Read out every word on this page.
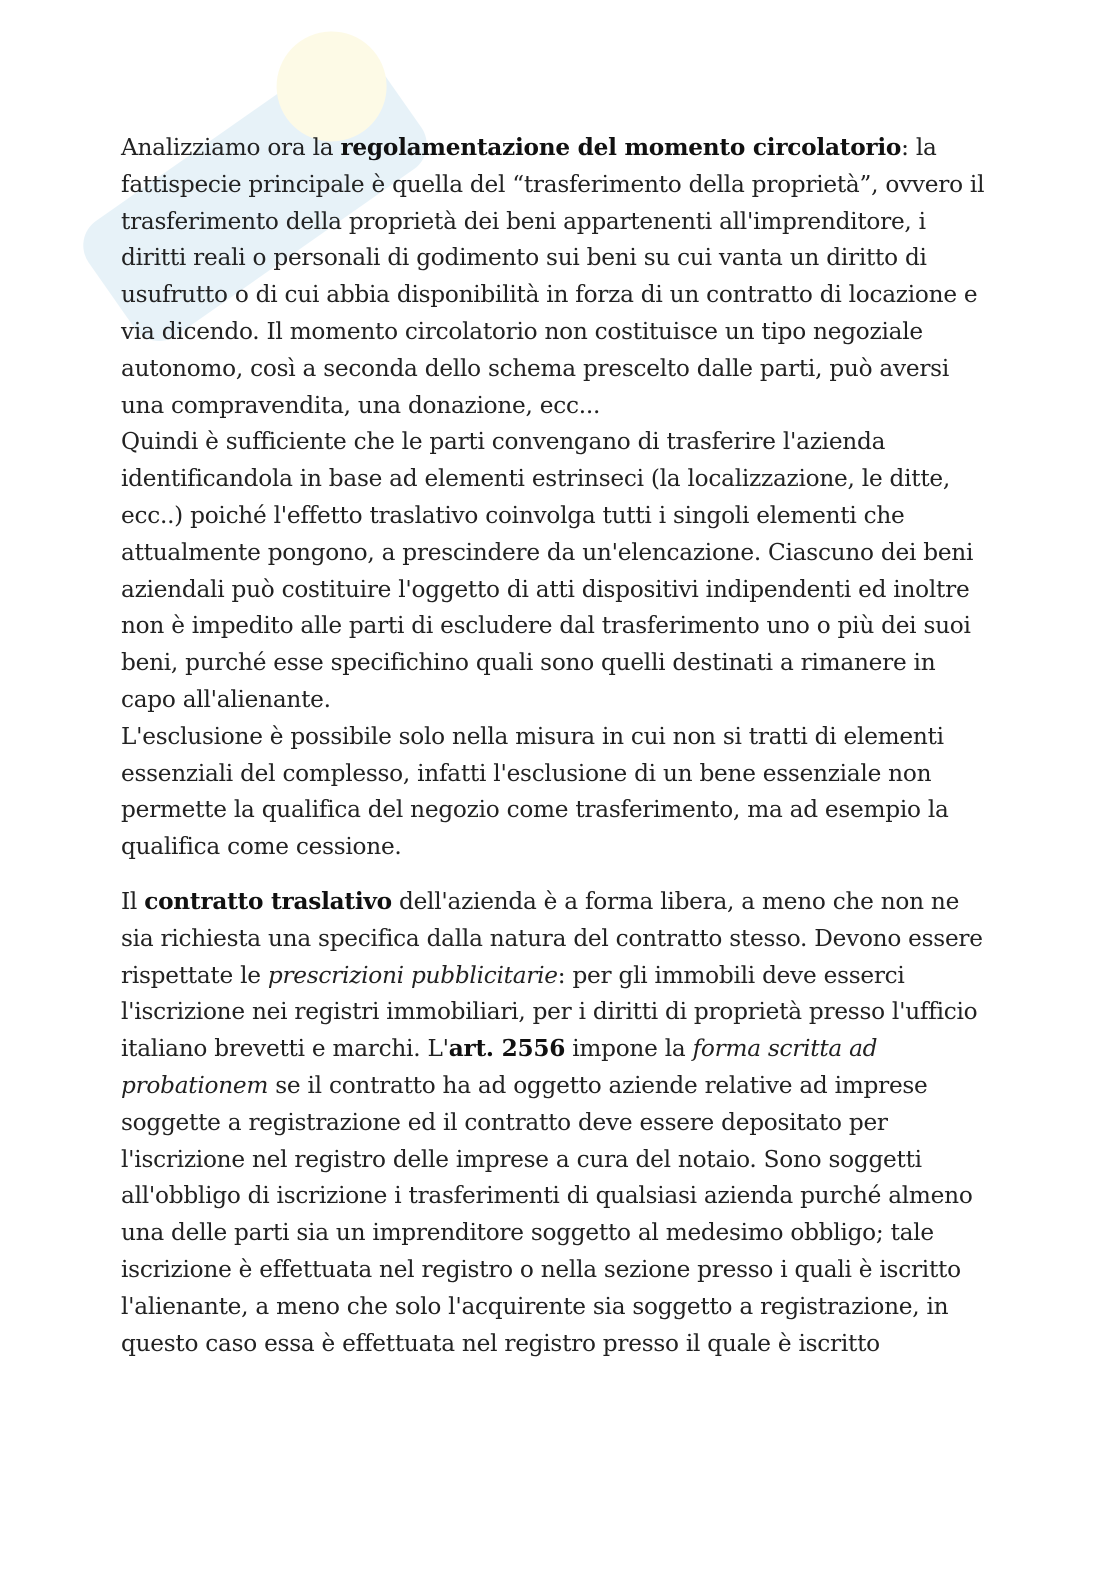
Analizziamo ora la regolamentazione del momento circolatorio: la fattispecie principale è quella del “trasferimento della proprietà”, ovvero il trasferimento della proprietà dei beni appartenenti all'imprenditore, i diritti reali o personali di godimento sui beni su cui vanta un diritto di usufrutto o di cui abbia disponibilità in forza di un contratto di locazione e via dicendo. Il momento circolatorio non costituisce un tipo negoziale autonomo, così a seconda dello schema prescelto dalle parti, può aversi una compravendita, una donazione, ecc...

Quindi è sufficiente che le parti convengano di trasferire l'azienda identificandola in base ad elementi estrinseci (la localizzazione, le ditte, ecc..) poiché l'effetto traslativo coinvolga tutti i singoli elementi che attualmente pongono, a prescindere da un'elencazione. Ciascuno dei beni aziendali può costituire l'oggetto di atti dispositivi indipendenti ed inoltre non è impedito alle parti di escludere dal trasferimento uno o più dei suoi beni, purché esse specifichino quali sono quelli destinati a rimanere in capo all'alienante.

L'esclusione è possibile solo nella misura in cui non si tratti di elementi essenziali del complesso, infatti l'esclusione di un bene essenziale non permette la qualifica del negozio come trasferimento, ma ad esempio la qualifica come cessione.

Il contratto traslativo dell'azienda è a forma libera, a meno che non ne sia richiesta una specifica dalla natura del contratto stesso. Devono essere rispettate le prescrizioni pubblicitarie: per gli immobili deve esserci l'iscrizione nei registri immobiliari, per i diritti di proprietà presso l'ufficio italiano brevetti e marchi. L'art. 2556 impone la forma scritta ad probationem se il contratto ha ad oggetto aziende relative ad imprese soggette a registrazione ed il contratto deve essere depositato per l'iscrizione nel registro delle imprese a cura del notaio. Sono soggetti all'obbligo di iscrizione i trasferimenti di qualsiasi azienda purché almeno una delle parti sia un imprenditore soggetto al medesimo obbligo; tale iscrizione è effettuata nel registro o nella sezione presso i quali è iscritto l'alienante, a meno che solo l'acquirente sia soggetto a registrazione, in questo caso essa è effettuata nel registro presso il quale è iscritto
